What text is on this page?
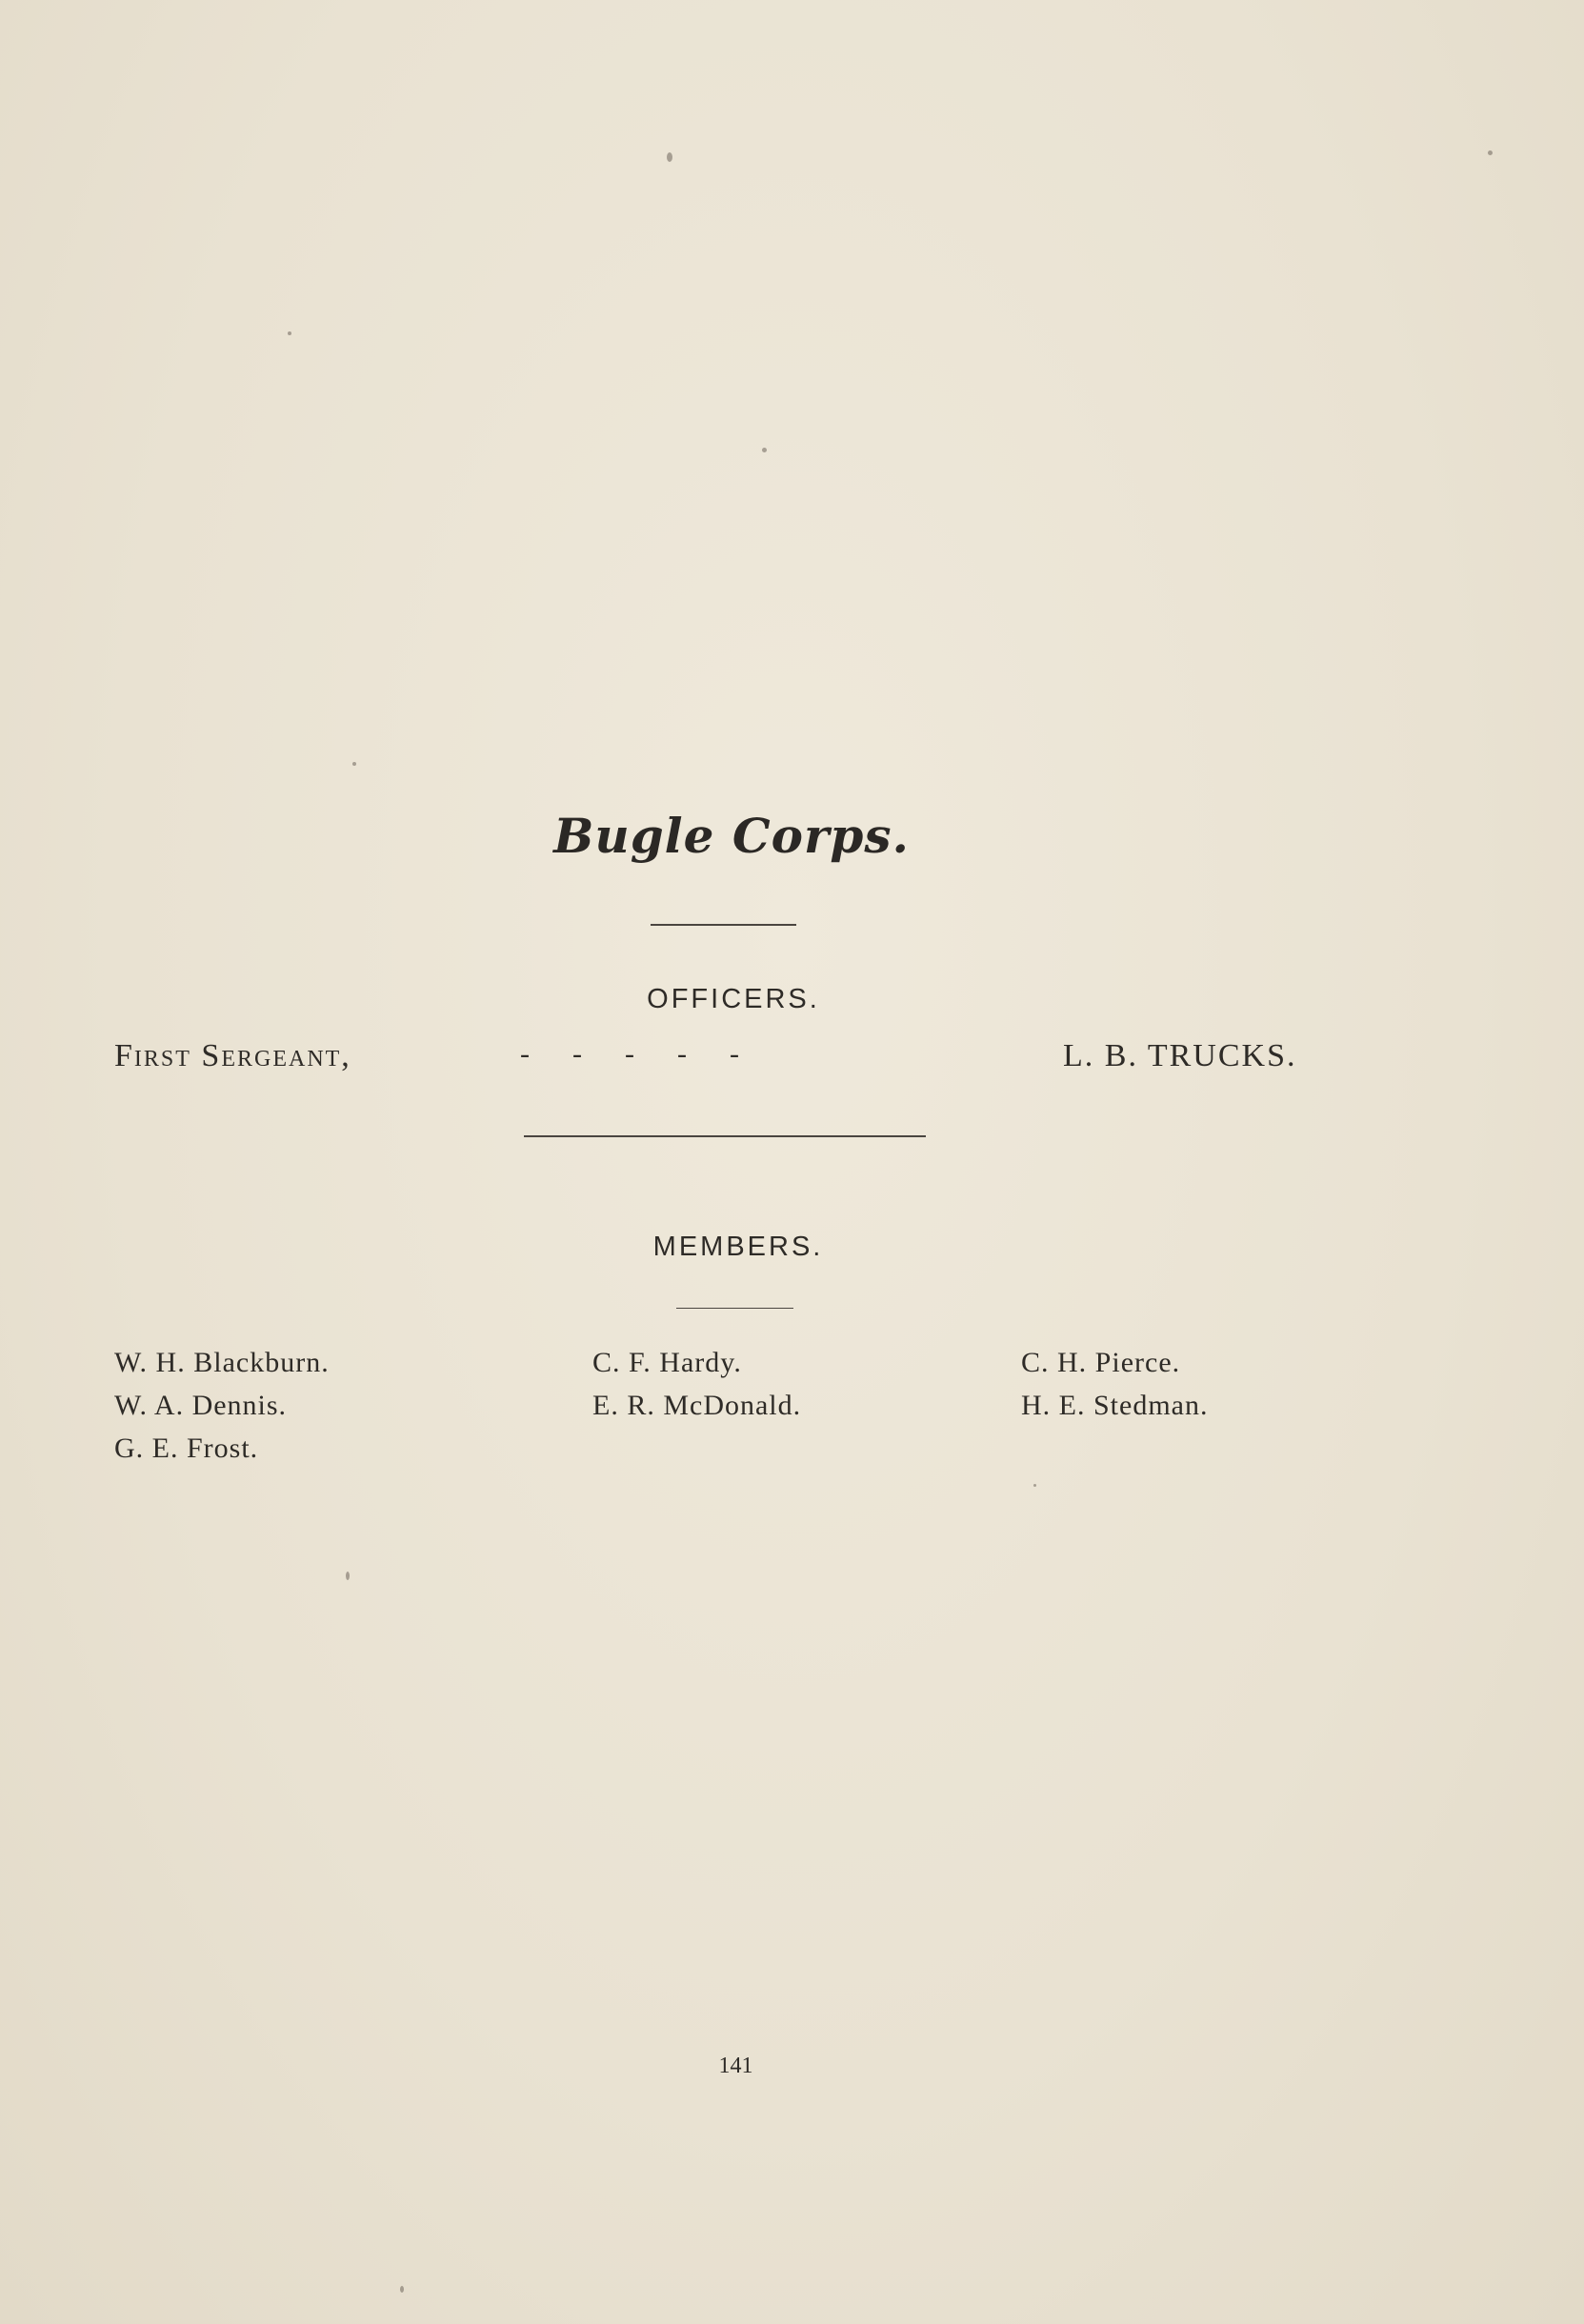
Bugle Corps.
OFFICERS.
First Sergeant,	-      -      -      -      -	L. B. TRUCKS.
MEMBERS.
W. H. Blackburn.
W. A. Dennis.
G. E. Frost.
C. F. Hardy.
E. R. McDonald.
C. H. Pierce.
H. E. Stedman.
141
